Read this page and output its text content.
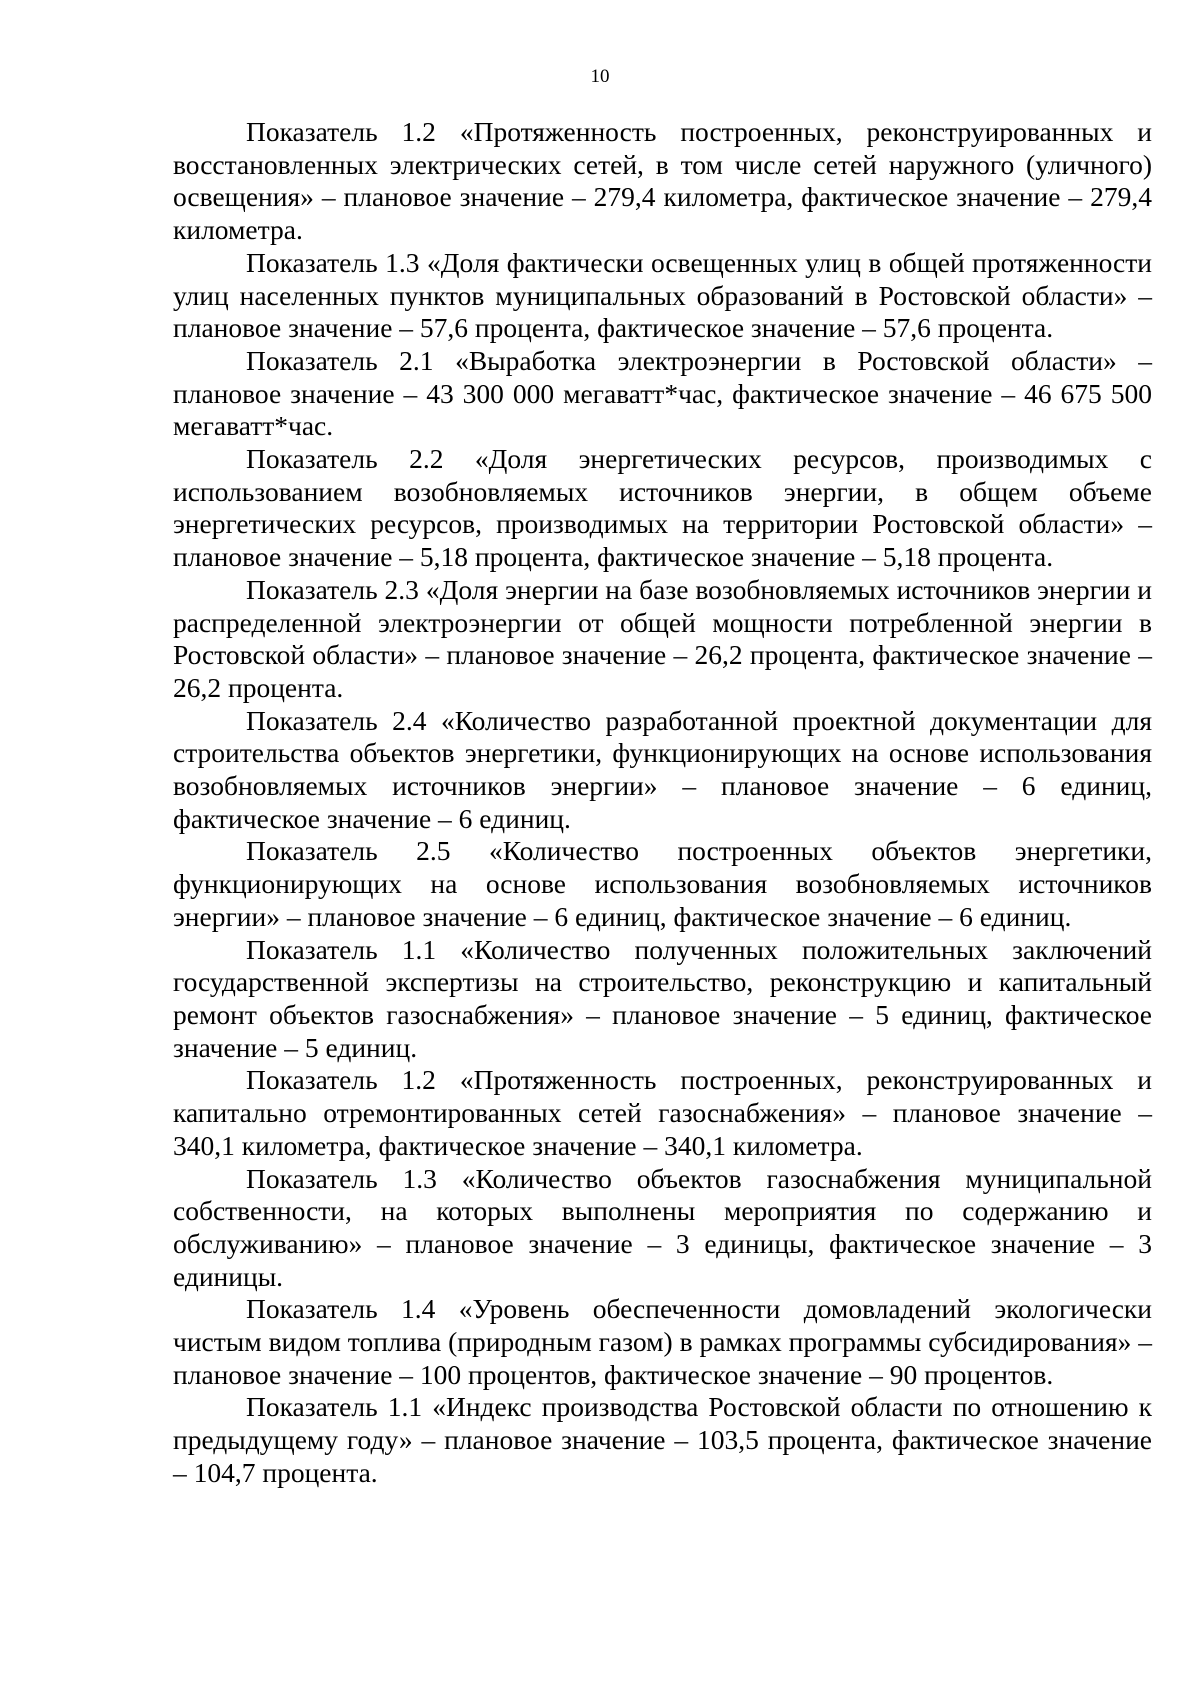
10

Показатель 1.2 «Протяженность построенных, реконструированных и восстановленных электрических сетей, в том числе сетей наружного (уличного) освещения» – плановое значение – 279,4 километра, фактическое значение – 279,4 километра.

Показатель 1.3 «Доля фактически освещенных улиц в общей протяженности улиц населенных пунктов муниципальных образований в Ростовской области» – плановое значение – 57,6 процента, фактическое значение – 57,6 процента.

Показатель 2.1 «Выработка электроэнергии в Ростовской области» – плановое значение – 43 300 000 мегаватт*час, фактическое значение – 46 675 500 мегаватт*час.

Показатель 2.2 «Доля энергетических ресурсов, производимых с использованием возобновляемых источников энергии, в общем объеме энергетических ресурсов, производимых на территории Ростовской области» – плановое значение – 5,18 процента, фактическое значение – 5,18 процента.

Показатель 2.3 «Доля энергии на базе возобновляемых источников энергии и распределенной электроэнергии от общей мощности потребленной энергии в Ростовской области» – плановое значение – 26,2 процента, фактическое значение – 26,2 процента.

Показатель 2.4 «Количество разработанной проектной документации для строительства объектов энергетики, функционирующих на основе использования возобновляемых источников энергии» – плановое значение – 6 единиц, фактическое значение – 6 единиц.

Показатель 2.5 «Количество построенных объектов энергетики, функционирующих на основе использования возобновляемых источников энергии» – плановое значение – 6 единиц, фактическое значение – 6 единиц.

Показатель 1.1 «Количество полученных положительных заключений государственной экспертизы на строительство, реконструкцию и капитальный ремонт объектов газоснабжения» – плановое значение – 5 единиц, фактическое значение – 5 единиц.

Показатель 1.2 «Протяженность построенных, реконструированных и капитально отремонтированных сетей газоснабжения» – плановое значение – 340,1 километра, фактическое значение – 340,1 километра.

Показатель 1.3 «Количество объектов газоснабжения муниципальной собственности, на которых выполнены мероприятия по содержанию и обслуживанию» – плановое значение – 3 единицы, фактическое значение – 3 единицы.

Показатель 1.4 «Уровень обеспеченности домовладений экологически чистым видом топлива (природным газом) в рамках программы субсидирования» – плановое значение – 100 процентов, фактическое значение – 90 процентов.

Показатель 1.1 «Индекс производства Ростовской области по отношению к предыдущему году» – плановое значение – 103,5 процента, фактическое значение – 104,7 процента.
